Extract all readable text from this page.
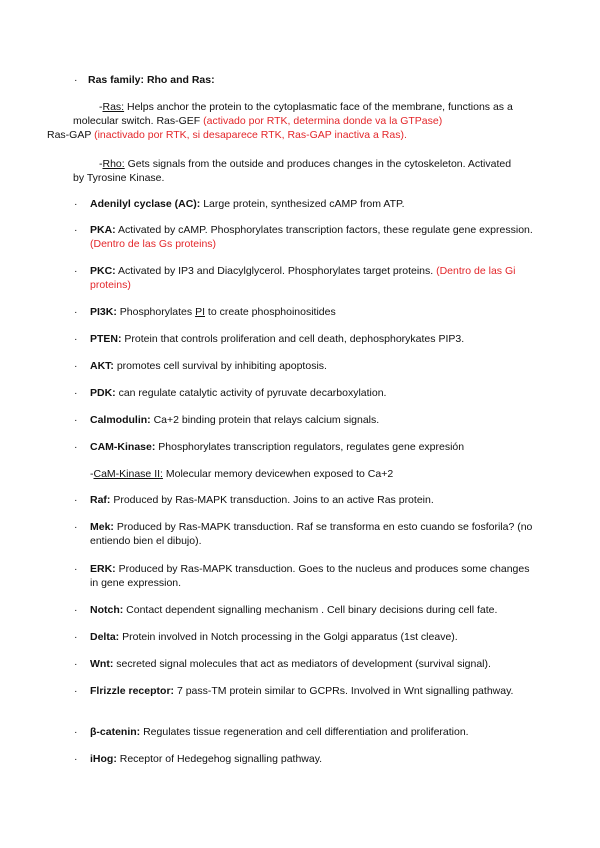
· Ras family: Rho and Ras:
-Ras: Helps anchor the protein to the cytoplasmatic face of the membrane, functions as a molecular switch. Ras-GEF (activado por RTK, determina donde va la GTPase)
Ras-GAP (inactivado por RTK, si desaparece RTK, Ras-GAP inactiva a Ras).
-Rho: Gets signals from the outside and produces changes in the cytoskeleton. Activated by Tyrosine Kinase.
· Adenilyl cyclase (AC): Large protein, synthesized cAMP from ATP.
· PKA: Activated by cAMP. Phosphorylates transcription factors, these regulate gene expression. (Dentro de las Gs proteins)
· PKC: Activated by IP3 and Diacylglycerol. Phosphorylates target proteins. (Dentro de las Gi proteins)
· PI3K: Phosphorylates PI to create phosphoinositides
· PTEN: Protein that controls proliferation and cell death, dephosphorykates PIP3.
· AKT: promotes cell survival by inhibiting apoptosis.
· PDK: can regulate catalytic activity of pyruvate decarboxylation.
· Calmodulin: Ca+2 binding protein that relays calcium signals.
· CAM-Kinase: Phosphorylates transcription regulators, regulates gene expresión
-CaM-Kinase II: Molecular memory devicewhen exposed to Ca+2
· Raf: Produced by Ras-MAPK transduction. Joins to an active Ras protein.
· Mek: Produced by Ras-MAPK transduction. Raf se transforma en esto cuando se fosforila? (no entiendo bien el dibujo).
· ERK: Produced by Ras-MAPK transduction. Goes to the nucleus and produces some changes in gene expression.
· Notch: Contact dependent signalling mechanism . Cell binary decisions during cell fate.
· Delta: Protein involved in Notch processing in the Golgi apparatus (1st cleave).
· Wnt: secreted signal molecules that act as mediators of development (survival signal).
· Flrizzle receptor: 7 pass-TM protein similar to GCPRs. Involved in Wnt signalling pathway.
· β-catenin: Regulates tissue regeneration and cell differentiation and proliferation.
· iHog: Receptor of Hedegehog signalling pathway.
